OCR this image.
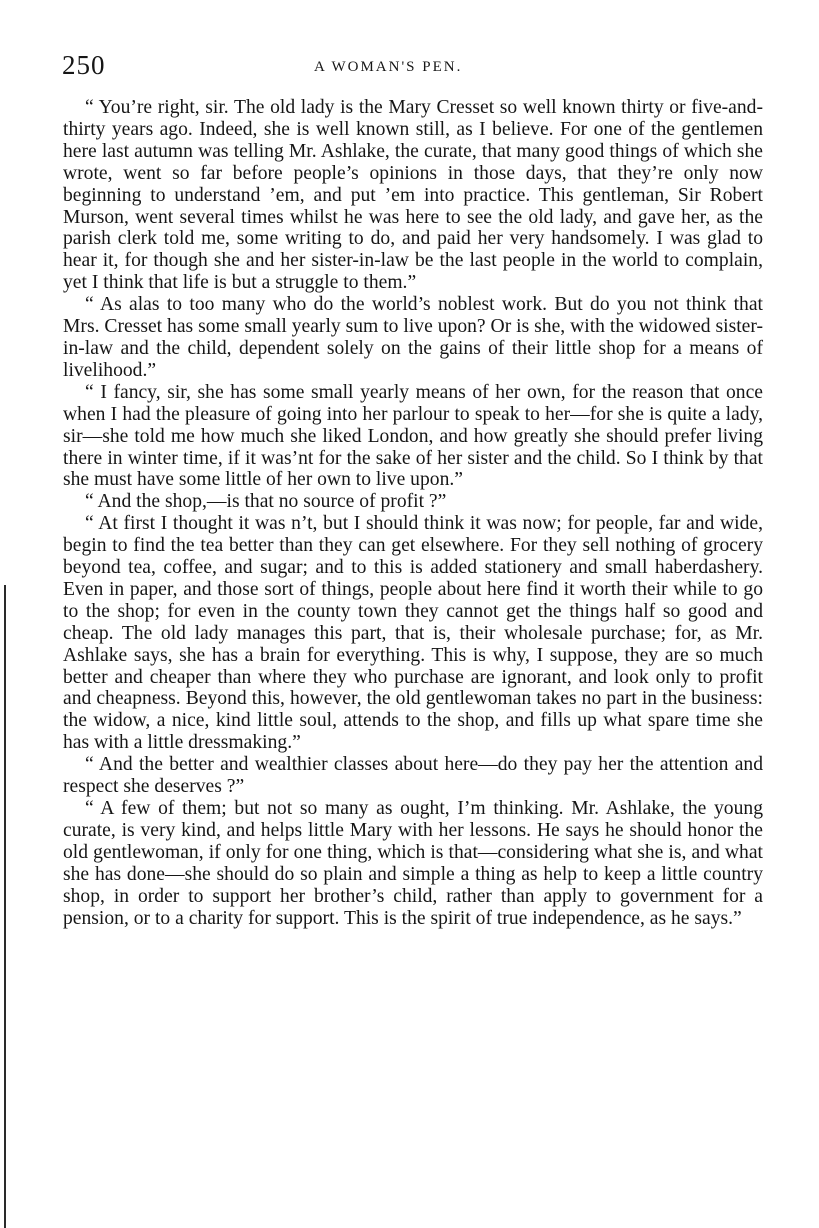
250	A WOMAN'S PEN.

“ You’re right, sir. The old lady is the Mary Cresset so well known thirty or five-and-thirty years ago. Indeed, she is well known still, as I believe. For one of the gentlemen here last autumn was telling Mr. Ashlake, the curate, that many good things of which she wrote, went so far before people’s opinions in those days, that they’re only now beginning to understand ’em, and put ’em into practice. This gentleman, Sir Robert Murson, went several times whilst he was here to see the old lady, and gave her, as the parish clerk told me, some writing to do, and paid her very handsomely. I was glad to hear it, for though she and her sister-in-law be the last people in the world to complain, yet I think that life is but a struggle to them.”

“ As alas to too many who do the world’s noblest work. But do you not think that Mrs. Cresset has some small yearly sum to live upon? Or is she, with the widowed sister-in-law and the child, dependent solely on the gains of their little shop for a means of livelihood.”

“ I fancy, sir, she has some small yearly means of her own, for the reason that once when I had the pleasure of going into her parlour to speak to her—for she is quite a lady, sir—she told me how much she liked London, and how greatly she should prefer living there in winter time, if it was’nt for the sake of her sister and the child. So I think by that she must have some little of her own to live upon.”

“ And the shop,—is that no source of profit ?”

“ At first I thought it was n’t, but I should think it was now; for people, far and wide, begin to find the tea better than they can get elsewhere. For they sell nothing of grocery beyond tea, coffee, and sugar; and to this is added stationery and small haberdashery. Even in paper, and those sort of things, people about here find it worth their while to go to the shop; for even in the county town they cannot get the things half so good and cheap. The old lady manages this part, that is, their wholesale purchase; for, as Mr. Ashlake says, she has a brain for everything. This is why, I suppose, they are so much better and cheaper than where they who purchase are ignorant, and look only to profit and cheapness. Beyond this, however, the old gentlewoman takes no part in the business: the widow, a nice, kind little soul, attends to the shop, and fills up what spare time she has with a little dressmaking.”

“ And the better and wealthier classes about here—do they pay her the attention and respect she deserves ?”

“ A few of them; but not so many as ought, I’m thinking. Mr. Ashlake, the young curate, is very kind, and helps little Mary with her lessons. He says he should honor the old gentlewoman, if only for one thing, which is that—considering what she is, and what she has done—she should do so plain and simple a thing as help to keep a little country shop, in order to support her brother’s child, rather than apply to government for a pension, or to a charity for support. This is the spirit of true independence, as he says.”
